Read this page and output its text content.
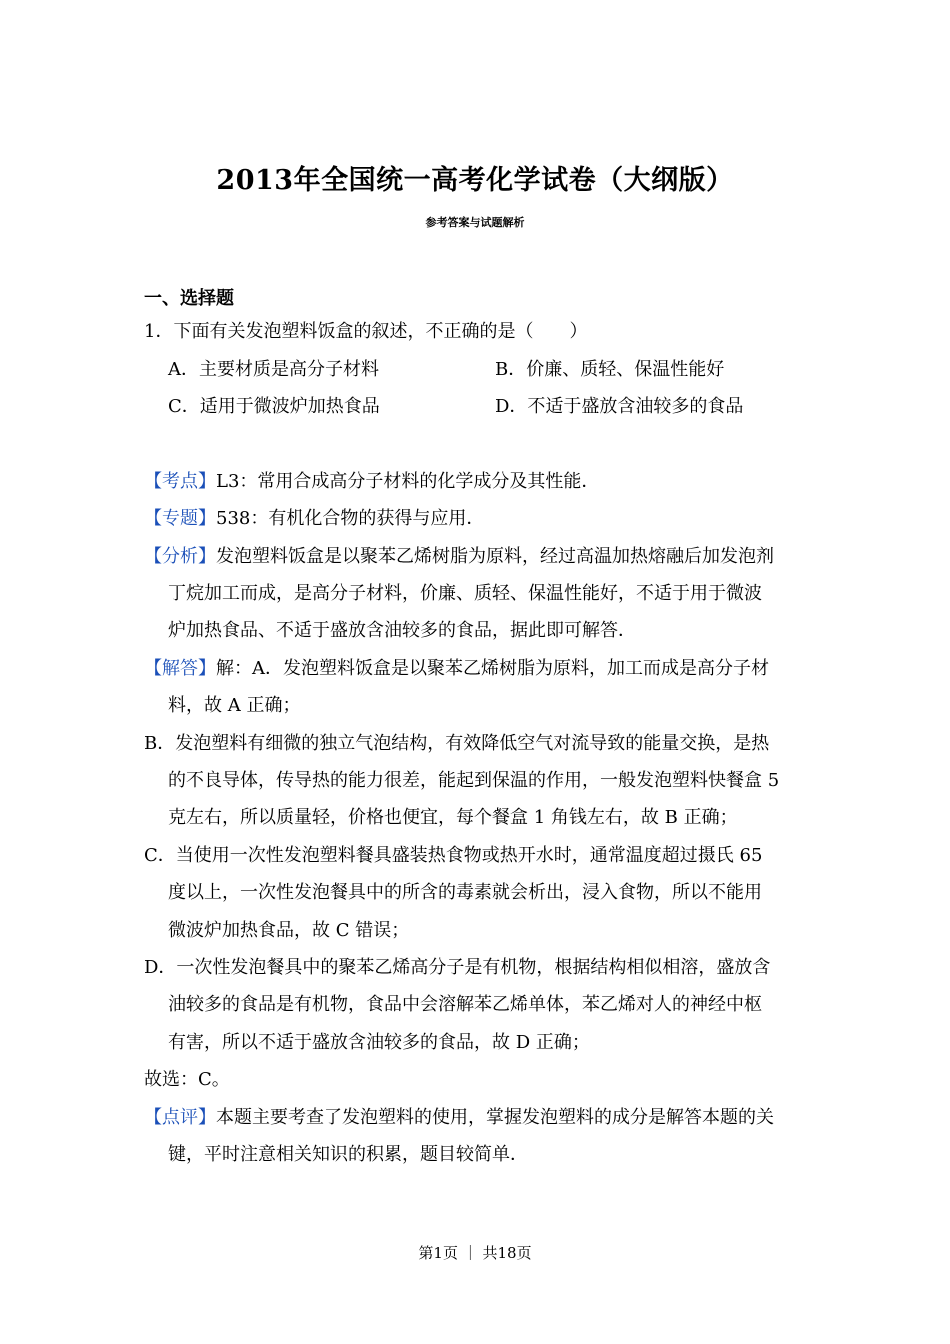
2013年全国统一高考化学试卷（大纲版）
参考答案与试题解析
一、选择题
1．下面有关发泡塑料饭盒的叙述，不正确的是（　　）
A．主要材质是高分子材料	B．价廉、质轻、保温性能好
C．适用于微波炉加热食品	D．不适于盛放含油较多的食品
【考点】L3：常用合成高分子材料的化学成分及其性能．
【专题】538：有机化合物的获得与应用．
【分析】发泡塑料饭盒是以聚苯乙烯树脂为原料，经过高温加热熔融后加发泡剂
丁烷加工而成，是高分子材料，价廉、质轻、保温性能好，不适于用于微波
炉加热食品、不适于盛放含油较多的食品，据此即可解答．
【解答】解：A．发泡塑料饭盒是以聚苯乙烯树脂为原料，加工而成是高分子材
料，故 A 正确；
B．发泡塑料有细微的独立气泡结构，有效降低空气对流导致的能量交换，是热
的不良导体，传导热的能力很差，能起到保温的作用，一般发泡塑料快餐盒 5
克左右，所以质量轻，价格也便宜，每个餐盒 1 角钱左右，故 B 正确；
C．当使用一次性发泡塑料餐具盛装热食物或热开水时，通常温度超过摄氏 65
度以上，一次性发泡餐具中的所含的毒素就会析出，浸入食物，所以不能用
微波炉加热食品，故 C 错误；
D．一次性发泡餐具中的聚苯乙烯高分子是有机物，根据结构相似相溶，盛放含
油较多的食品是有机物，食品中会溶解苯乙烯单体，苯乙烯对人的神经中枢
有害，所以不适于盛放含油较多的食品，故 D 正确；
故选：C。
【点评】本题主要考查了发泡塑料的使用，掌握发泡塑料的成分是解答本题的关
键，平时注意相关知识的积累，题目较简单．
第1页 ｜ 共18页
